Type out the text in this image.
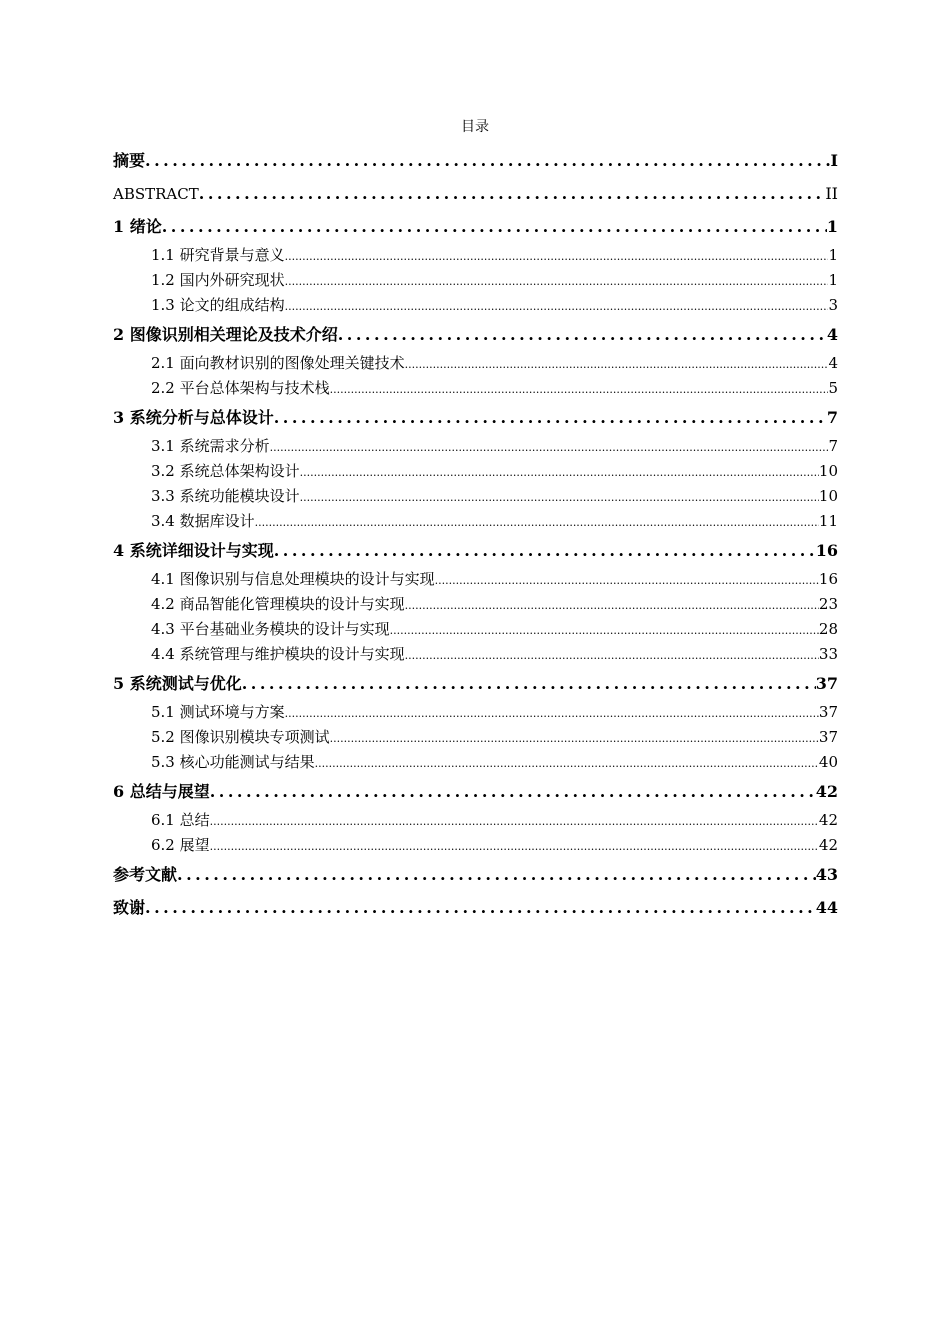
目录
摘要 .....	I
ABSTRACT .....	II
1 绪论 .....	1
1.1 研究背景与意义 .....	1
1.2 国内外研究现状 .....	1
1.3 论文的组成结构 .....	3
2 图像识别相关理论及技术介绍 .....	4
2.1 面向教材识别的图像处理关键技术 .....	4
2.2 平台总体架构与技术栈 .....	5
3 系统分析与总体设计 .....	7
3.1 系统需求分析 .....	7
3.2 系统总体架构设计 .....	10
3.3 系统功能模块设计 .....	10
3.4 数据库设计 .....	11
4 系统详细设计与实现 .....	16
4.1 图像识别与信息处理模块的设计与实现 .....	16
4.2 商品智能化管理模块的设计与实现 .....	23
4.3 平台基础业务模块的设计与实现 .....	28
4.4 系统管理与维护模块的设计与实现 .....	33
5 系统测试与优化 .....	37
5.1 测试环境与方案 .....	37
5.2 图像识别模块专项测试 .....	37
5.3 核心功能测试与结果 .....	40
6 总结与展望 .....	42
6.1 总结 .....	42
6.2 展望 .....	42
参考文献 .....	43
致谢 .....	44
